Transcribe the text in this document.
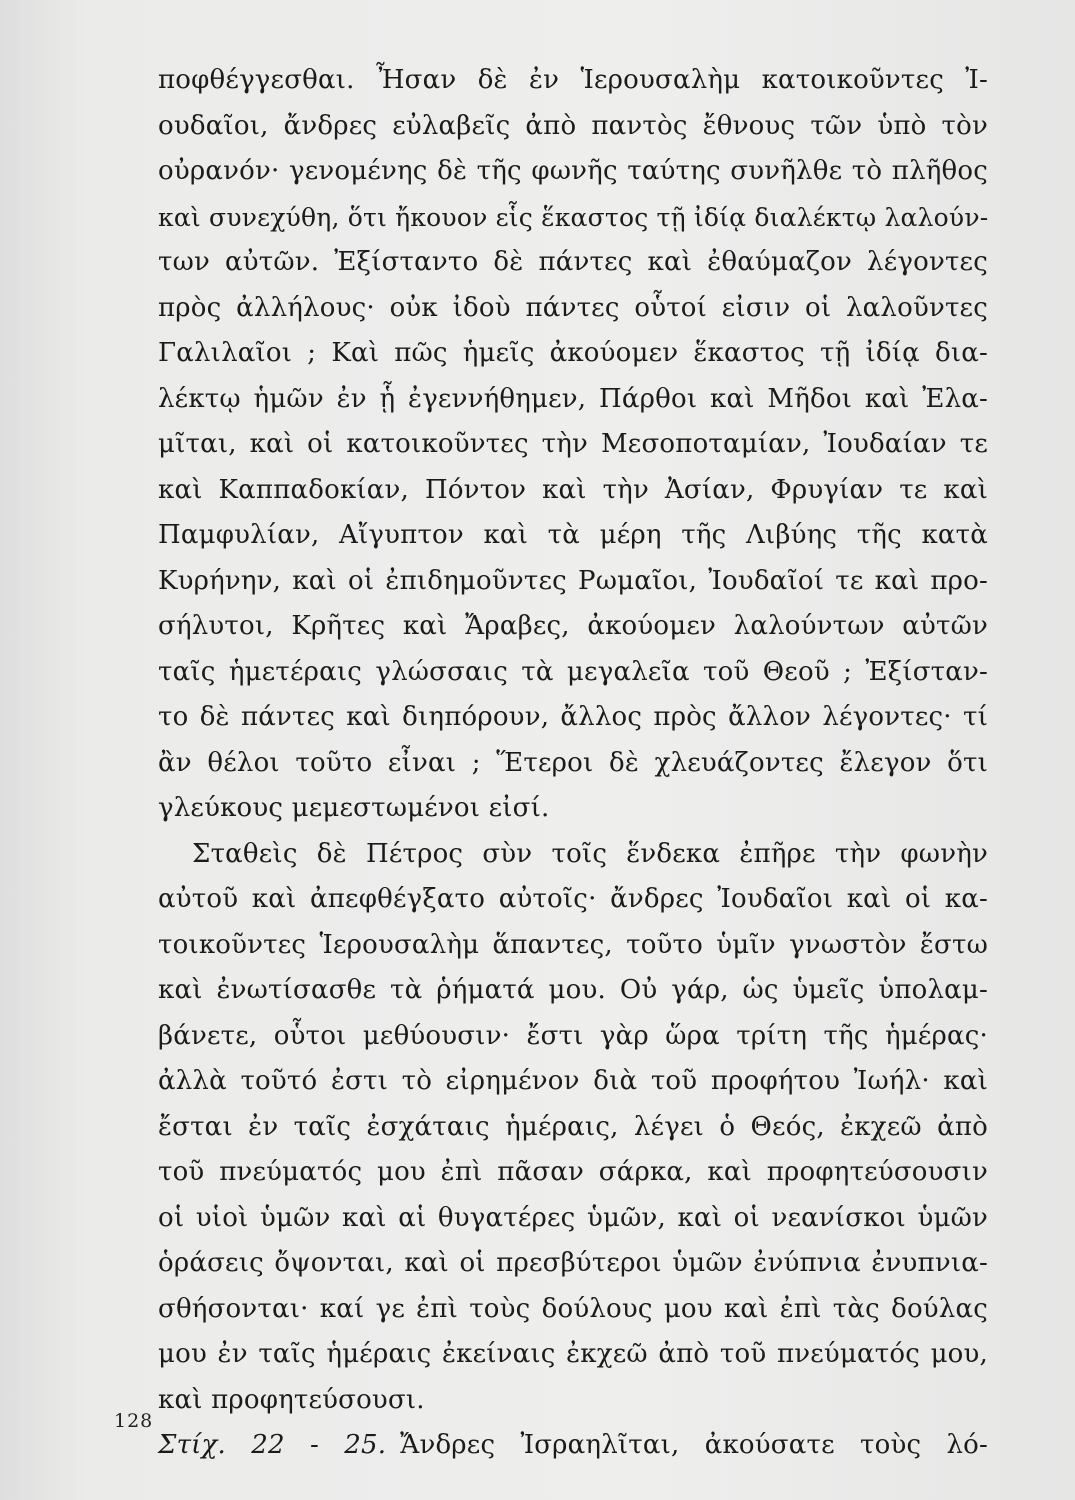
ποφθέγγεσθαι. Ἦσαν δὲ ἐν Ἱερουσαλὴμ κατοικοῦντες Ἰ-
ουδαῖοι, ἄνδρες εὐλαβεῖς ἀπὸ παντὸς ἔθνους τῶν ὑπὸ τὸν
οὐρανόν· γενομένης δὲ τῆς φωνῆς ταύτης συνῆλθε τὸ πλῆθος
καὶ συνεχύθη, ὅτι ἤκουον εἷς ἕκαστος τῇ ἰδίᾳ διαλέκτῳ λαλούν-
των αὐτῶν. Ἐξίσταντο δὲ πάντες καὶ ἐθαύμαζον λέγοντες
πρὸς ἀλλήλους· οὐκ ἰδοὺ πάντες οὗτοί εἰσιν οἱ λαλοῦντες
Γαλιλαῖοι ; Καὶ πῶς ἡμεῖς ἀκούομεν ἕκαστος τῇ ἰδίᾳ δια-
λέκτῳ ἡμῶν ἐν ᾗ ἐγεννήθημεν, Πάρθοι καὶ Μῆδοι καὶ Ἐλα-
μῖται, καὶ οἱ κατοικοῦντες τὴν Μεσοποταμίαν, Ἰουδαίαν τε
καὶ Καππαδοκίαν, Πόντον καὶ τὴν Ἀσίαν, Φρυγίαν τε καὶ
Παμφυλίαν, Αἴγυπτον καὶ τὰ μέρη τῆς Λιβύης τῆς κατὰ
Κυρήνην, καὶ οἱ ἐπιδημοῦντες Ρωμαῖοι, Ἰουδαῖοί τε καὶ προ-
σήλυτοι, Κρῆτες καὶ Ἄραβες, ἀκούομεν λαλούντων αὐτῶν
ταῖς ἡμετέραις γλώσσαις τὰ μεγαλεῖα τοῦ Θεοῦ ; Ἐξίσταν-
το δὲ πάντες καὶ διηπόρουν, ἄλλος πρὸς ἄλλον λέγοντες· τί
ἂν θέλοι τοῦτο εἶναι ; Ἕτεροι δὲ χλευάζοντες ἔλεγον ὅτι
γλεύκους μεμεστωμένοι εἰσί.
Σταθεὶς δὲ Πέτρος σὺν τοῖς ἕνδεκα ἐπῆρε τὴν φωνὴν
αὐτοῦ καὶ ἀπεφθέγξατο αὐτοῖς· ἄνδρες Ἰουδαῖοι καὶ οἱ κα-
τοικοῦντες Ἱερουσαλὴμ ἅπαντες, τοῦτο ὑμῖν γνωστὸν ἔστω
καὶ ἐνωτίσασθε τὰ ῥήματά μου. Οὐ γάρ, ὡς ὑμεῖς ὑπολαμ-
βάνετε, οὗτοι μεθύουσιν· ἔστι γὰρ ὥρα τρίτη τῆς ἡμέρας·
ἀλλὰ τοῦτό ἐστι τὸ εἰρημένον διὰ τοῦ προφήτου Ἰωήλ· καὶ
ἔσται ἐν ταῖς ἐσχάταις ἡμέραις, λέγει ὁ Θεός, ἐκχεῶ ἀπὸ
τοῦ πνεύματός μου ἐπὶ πᾶσαν σάρκα, καὶ προφητεύσουσιν
οἱ υἱοὶ ὑμῶν καὶ αἱ θυγατέρες ὑμῶν, καὶ οἱ νεανίσκοι ὑμῶν
ὁράσεις ὄψονται, καὶ οἱ πρεσβύτεροι ὑμῶν ἐνύπνια ἐνυπνια-
σθήσονται· καί γε ἐπὶ τοὺς δούλους μου καὶ ἐπὶ τὰς δούλας
μου ἐν ταῖς ἡμέραις ἐκείναις ἐκχεῶ ἀπὸ τοῦ πνεύματός μου,
καὶ προφητεύσουσι.
Στίχ. 22 - 25. Ἄνδρες Ἰσραηλῖται, ἀκούσατε τοὺς λό-
128
